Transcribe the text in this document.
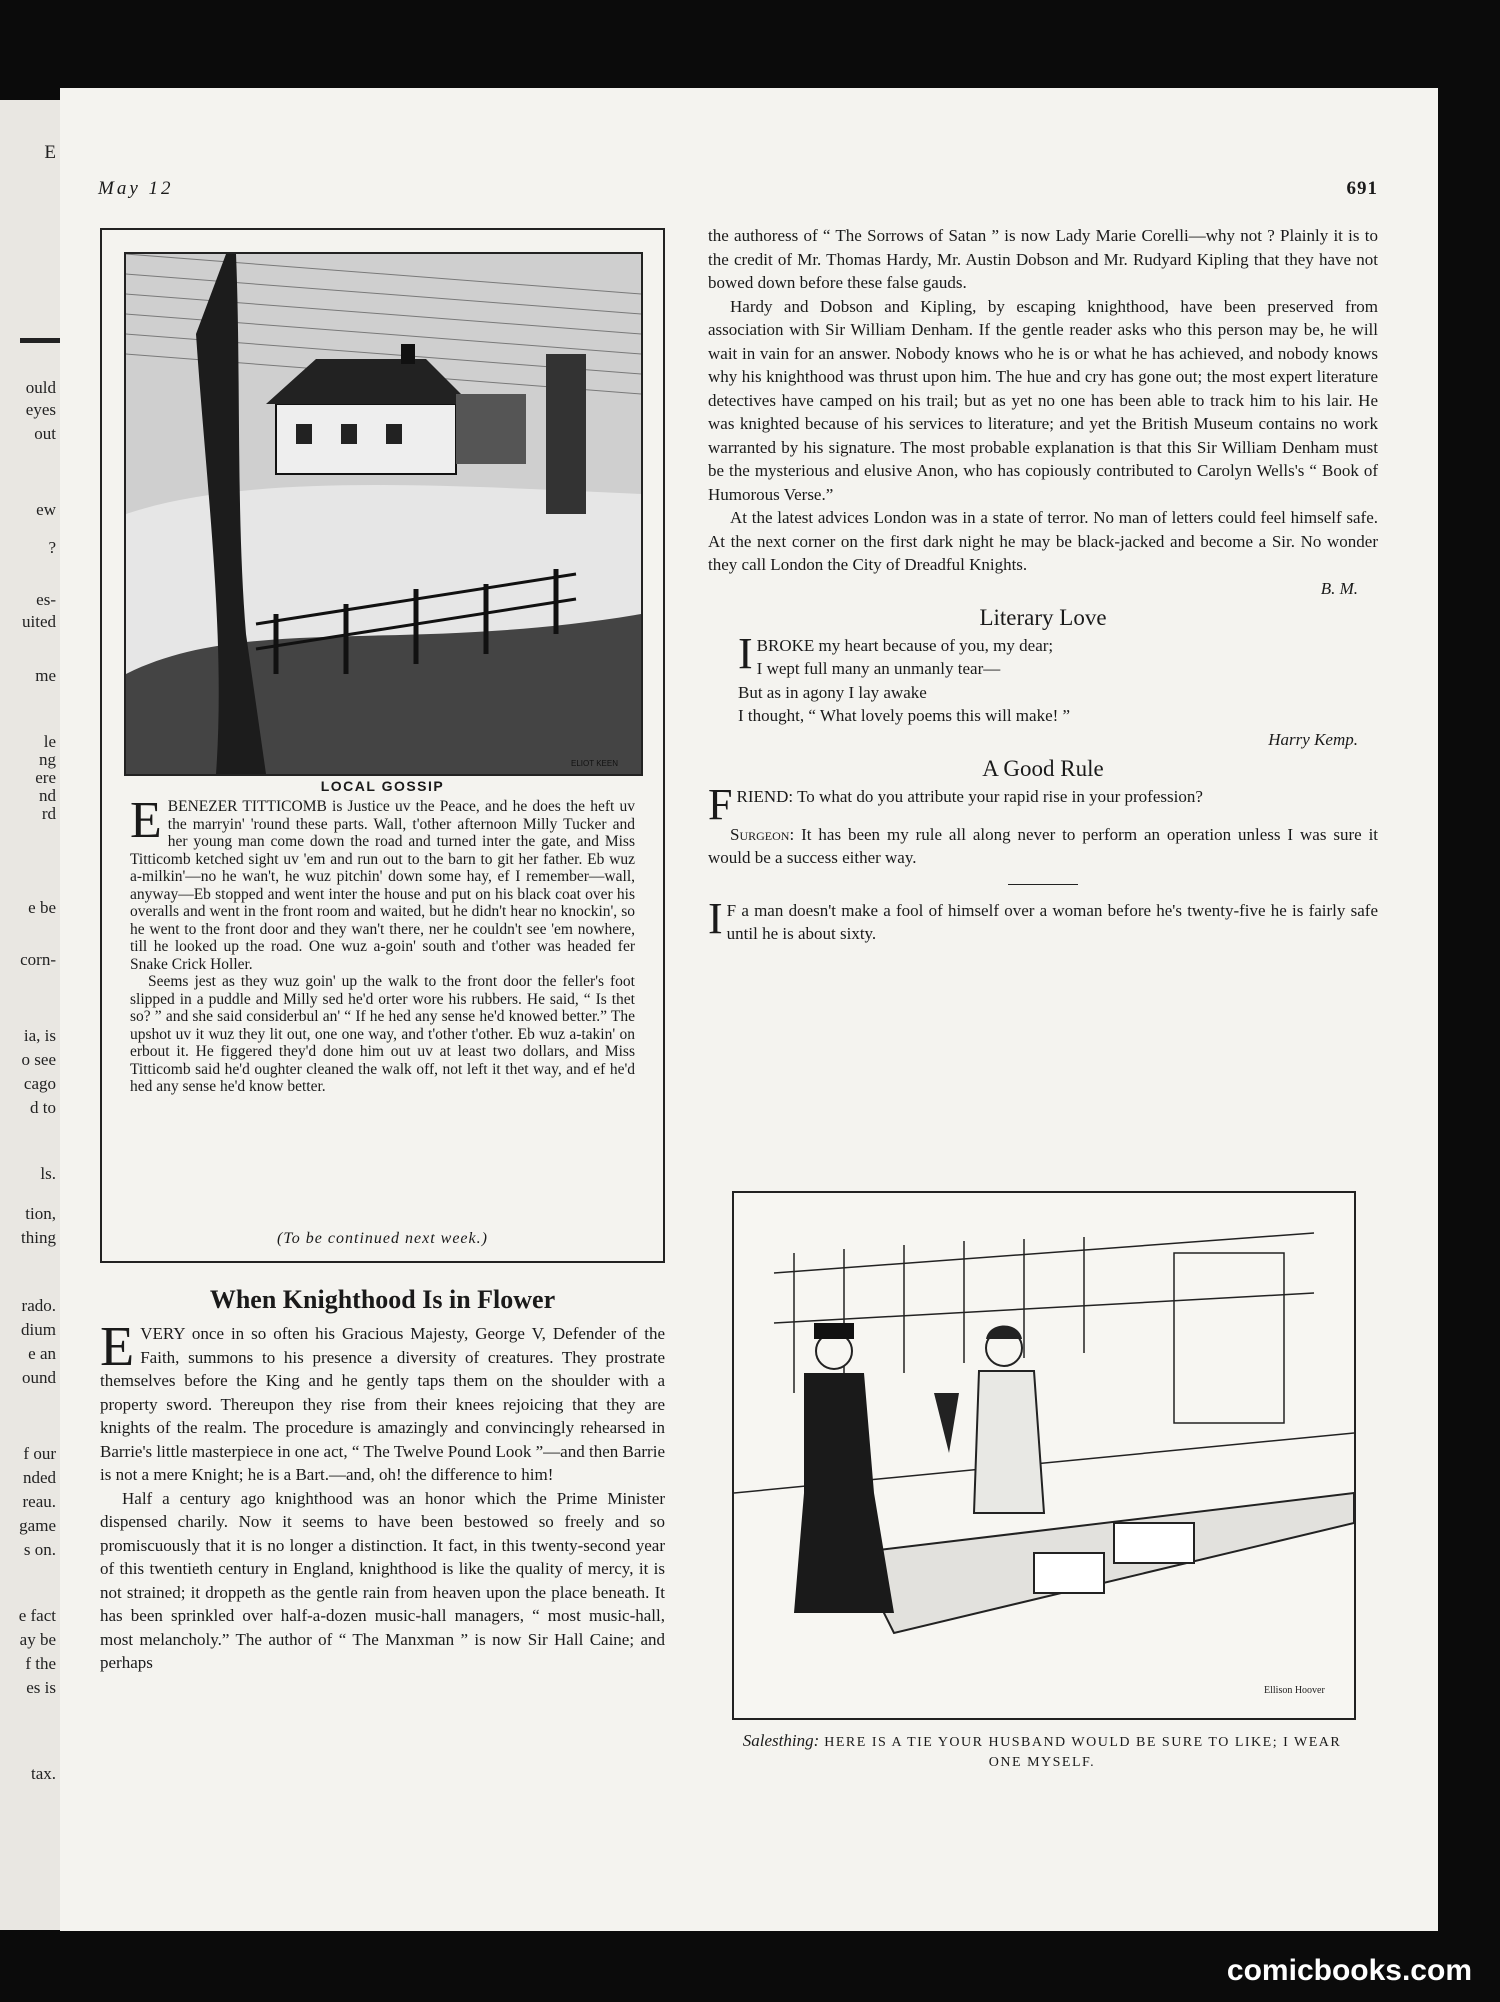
E
ould
eyes
out
ew
?
es-
uited
me
le
ng
ere
nd
rd
e be
corn-
ia, is
o see
cago
d to
ls.
tion,
thing
rado.
dium
e an
ound
f our
nded
reau.
game
s on.
e fact
ay be
f the
es is
tax.
May 12	691
ELIOT KEEN
LOCAL GOSSIP

EBENEZER TITTICOMB is Justice uv the Peace, and he does the heft uv the marryin' 'round these parts. Wall, t'other afternoon Milly Tucker and her young man come down the road and turned inter the gate, and Miss Titticomb ketched sight uv 'em and run out to the barn to git her father. Eb wuz a-milkin'—no he wan't, he wuz pitchin' down some hay, ef I remember—wall, anyway—Eb stopped and went inter the house and put on his black coat over his overalls and went in the front room and waited, but he didn't hear no knockin', so he went to the front door and they wan't there, ner he couldn't see 'em nowhere, till he looked up the road. One wuz a-goin' south and t'other was headed fer Snake Crick Holler.

Seems jest as they wuz goin' up the walk to the front door the feller's foot slipped in a puddle and Milly sed he'd orter wore his rubbers. He said, “ Is thet so? ” and she said considerbul an' “ If he hed any sense he'd knowed better.” The upshot uv it wuz they lit out, one one way, and t'other t'other. Eb wuz a-takin' on erbout it. He figgered they'd done him out uv at least two dollars, and Miss Titticomb said he'd oughter cleaned the walk off, not left it thet way, and ef he'd hed any sense he'd know better.

(To be continued next week.)
When Knighthood Is in Flower

EVERY once in so often his Gracious Majesty, George V, Defender of the Faith, summons to his presence a diversity of creatures. They prostrate themselves before the King and he gently taps them on the shoulder with a property sword. Thereupon they rise from their knees rejoicing that they are knights of the realm. The procedure is amazingly and convincingly rehearsed in Barrie's little masterpiece in one act, “ The Twelve Pound Look ”—and then Barrie is not a mere Knight; he is a Bart.—and, oh! the difference to him!

Half a century ago knighthood was an honor which the Prime Minister dispensed charily. Now it seems to have been bestowed so freely and so promiscuously that it is no longer a distinction. It fact, in this twenty-second year of this twentieth century in England, knighthood is like the quality of mercy, it is not strained; it droppeth as the gentle rain from heaven upon the place beneath. It has been sprinkled over half-a-dozen music-hall managers, “ most music-hall, most melancholy.” The author of “ The Manxman ” is now Sir Hall Caine; and perhaps

the authoress of “ The Sorrows of Satan ” is now Lady Marie Corelli—why not ? Plainly it is to the credit of Mr. Thomas Hardy, Mr. Austin Dobson and Mr. Rudyard Kipling that they have not bowed down before these false gauds.

Hardy and Dobson and Kipling, by escaping knighthood, have been preserved from association with Sir William Denham. If the gentle reader asks who this person may be, he will wait in vain for an answer. Nobody knows who he is or what he has achieved, and nobody knows why his knighthood was thrust upon him. The hue and cry has gone out; the most expert literature detectives have camped on his trail; but as yet no one has been able to track him to his lair. He was knighted because of his services to literature; and yet the British Museum contains no work warranted by his signature. The most probable explanation is that this Sir William Denham must be the mysterious and elusive Anon, who has copiously contributed to Carolyn Wells's “ Book of Humorous Verse.”

At the latest advices London was in a state of terror. No man of letters could feel himself safe. At the next corner on the first dark night he may be black-jacked and become a Sir. No wonder they call London the City of Dreadful Knights.

B. M.
Literary Love
IBROKE my heart because of you, my dear;
I wept full many an unmanly tear—
But as in agony I lay awake
I thought, “ What lovely poems this will make! ”
Harry Kemp.
A Good Rule

FRIEND: To what do you attribute your rapid rise in your profession?

Surgeon: It has been my rule all along never to perform an operation unless I was sure it would be a success either way.

I F a man doesn't make a fool of himself over a woman before he's twenty-five he is fairly safe until he is about sixty.

Ellison Hoover
Salesthing: HERE IS A TIE YOUR HUSBAND WOULD BE SURE TO LIKE; I WEAR ONE MYSELF.
comicbooks.com
